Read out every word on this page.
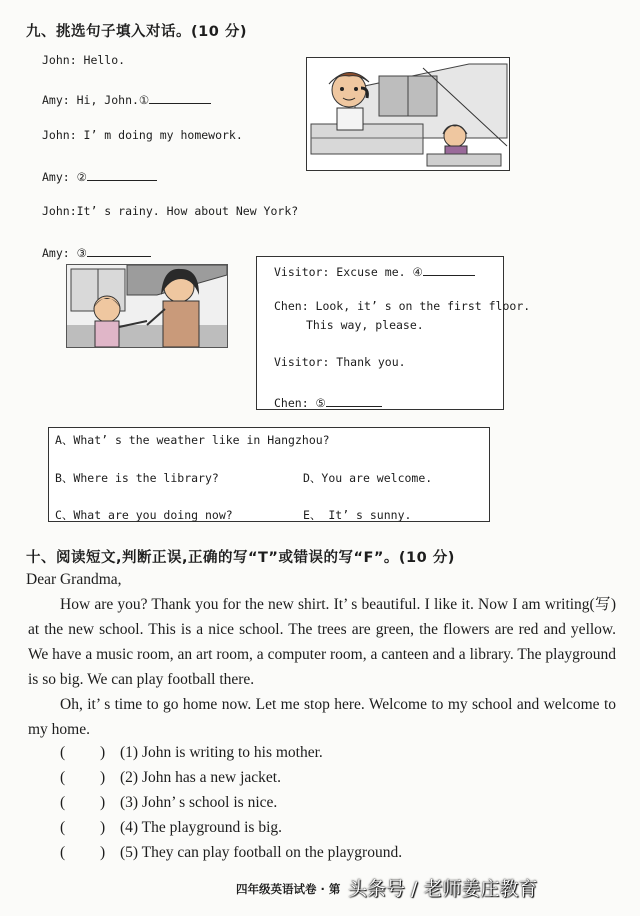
九、挑选句子填入对话。(10 分)
John: Hello.
Amy: Hi, John.①
John: I’ m doing my homework.
Amy: ②
John:It’ s rainy. How about New York?
Amy: ③
Visitor: Excuse me. ④
Chen: Look, it’ s on the first floor.
This way, please.
Visitor: Thank you.
Chen: ⑤
A、What’ s the weather like in Hangzhou?
B、Where is the library?	D、You are welcome.
C、What are you doing now?	E、 It’ s sunny.
十、阅读短文,判断正误,正确的写“T”或错误的写“F”。(10 分)
Dear Grandma,
How are you? Thank you for the new shirt. It’ s beautiful. I like it. Now I am writing(写) at the new school. This is a nice school. The trees are green, the flowers are red and yellow. We have a music room, an art room, a computer room, a canteen and a library. The playground is so big. We can play football there.
Oh, it’ s time to go home now. Let me stop here. Welcome to my school and welcome to my home.
(         ) (1) John is writing to his mother.
(         ) (2) John has a new jacket.
(         ) (3) John’ s school is nice.
(         ) (4) The playground is big.
(         ) (5) They can play football on the playground.
四年级英语试卷 · 第 头条号 / 老师姜庄教育
